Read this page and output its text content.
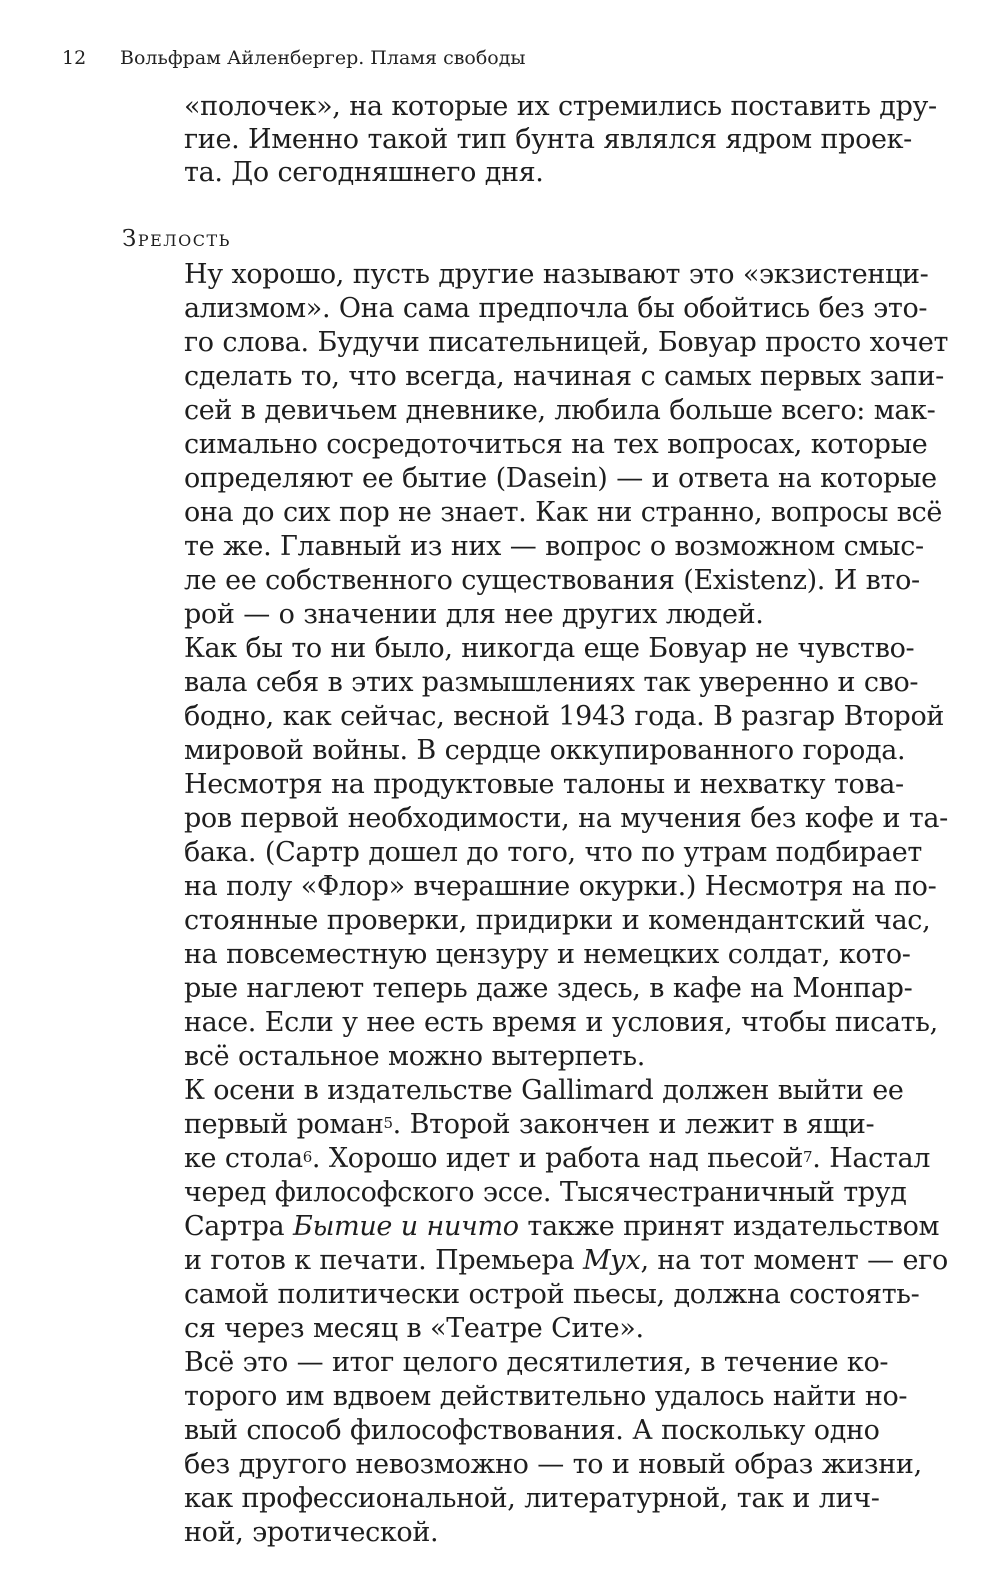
12 Вольфрам Айленбергер. Пламя свободы
«полочек», на которые их стремились поставить дру-
гие. Именно такой тип бунта являлся ядром проек-
та. До сегодняшнего дня.
Зрелость
Ну хорошо, пусть другие называют это «экзистенци-
ализмом». Она сама предпочла бы обойтись без это-
го слова. Будучи писательницей, Бовуар просто хочет
сделать то, что всегда, начиная с самых первых запи-
сей в девичьем дневнике, любила больше всего: мак-
симально сосредоточиться на тех вопросах, которые
определяют ее бытие (Dasein) — и ответа на которые
она до сих пор не знает. Как ни странно, вопросы всё
те же. Главный из них — вопрос о возможном смыс-
ле ее собственного существования (Existenz). И вто-
рой — о значении для нее других людей.
Как бы то ни было, никогда еще Бовуар не чувство-
вала себя в этих размышлениях так уверенно и сво-
бодно, как сейчас, весной 1943 года. В разгар Второй
мировой войны. В сердце оккупированного города.
Несмотря на продуктовые талоны и нехватку това-
ров первой необходимости, на мучения без кофе и та-
бака. (Сартр дошел до того, что по утрам подбирает
на полу «Флор» вчерашние окурки.) Несмотря на по-
стоянные проверки, придирки и комендантский час,
на повсеместную цензуру и немецких солдат, кото-
рые наглеют теперь даже здесь, в кафе на Монпар-
насе. Если у нее есть время и условия, чтобы писать,
всё остальное можно вытерпеть.
К осени в издательстве Gallimard должен выйти ее
первый роман$^5$. Второй закончен и лежит в ящи-
ке стола$^6$. Хорошо идет и работа над пьесой$^7$. Настал
черед философского эссе. Тысячестраничный труд
Сартра Бытие и ничто также принят издательством
и готов к печати. Премьера Мух, на тот момент — его
самой политически острой пьесы, должна состоять-
ся через месяц в «Театре Сите».
Всё это — итог целого десятилетия, в течение ко-
торого им вдвоем действительно удалось найти но-
вый способ философствования. А поскольку одно
без другого невозможно — то и новый образ жизни,
как профессиональной, литературной, так и лич-
ной, эротической.
